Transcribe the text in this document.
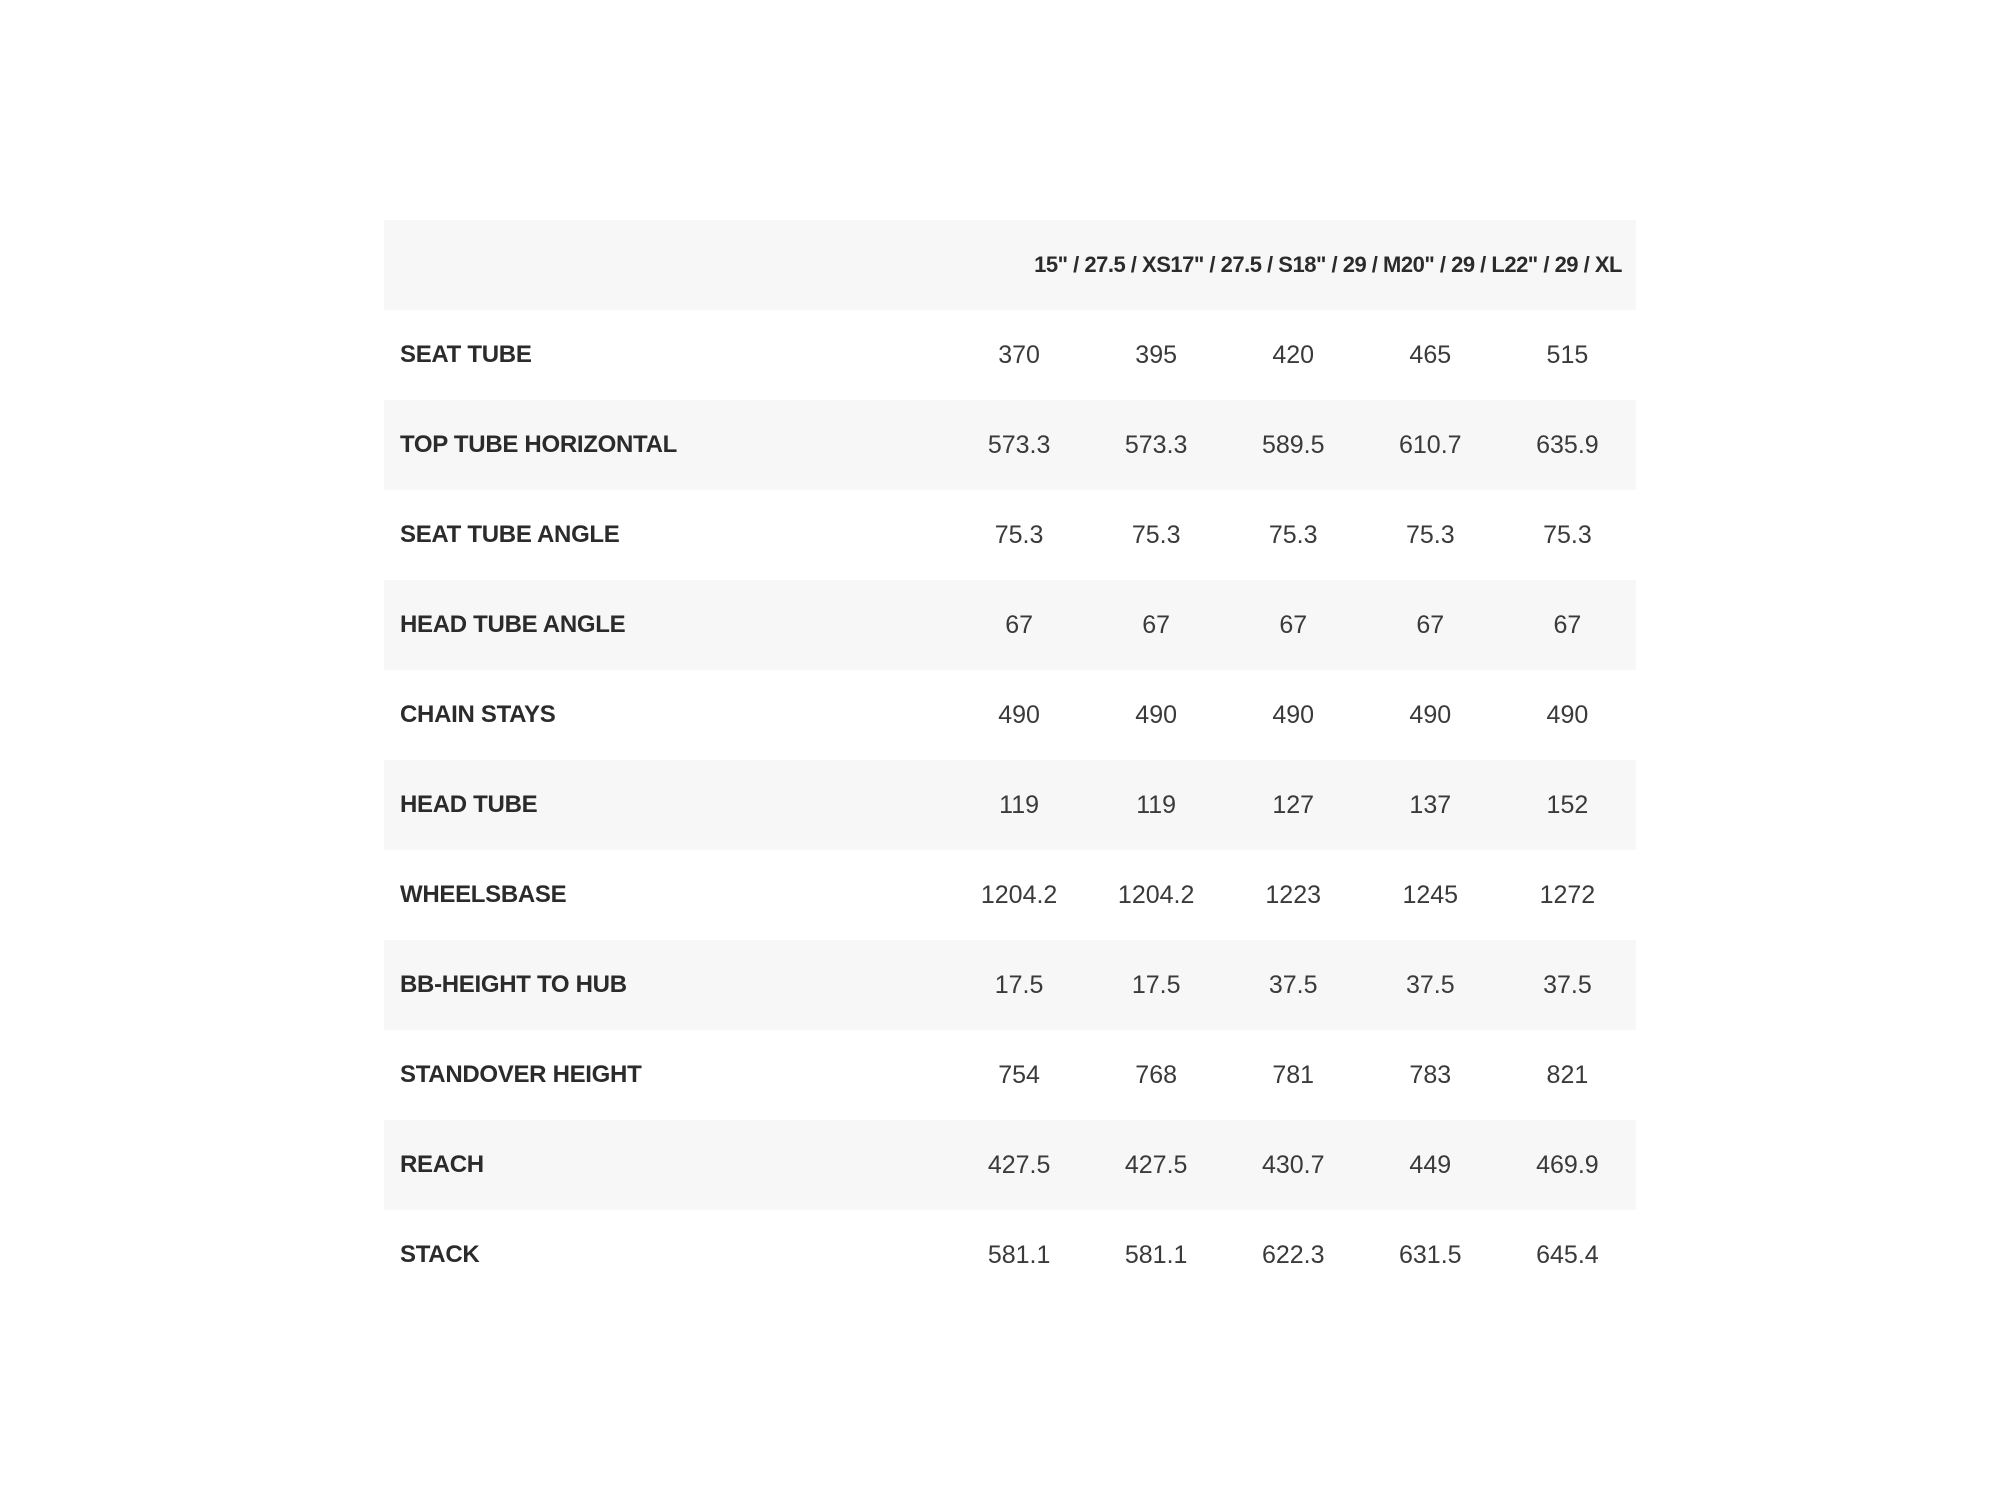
	15" / 27.5 / XS 17" / 27.5 / S 18" / 29 / M 20" / 29 / L 22" / 29 / XL				

SEAT TUBE	370	395	420	465	515
TOP TUBE HORIZONTAL	573.3	573.3	589.5	610.7	635.9
SEAT TUBE ANGLE	75.3	75.3	75.3	75.3	75.3
HEAD TUBE ANGLE	67	67	67	67	67
CHAIN STAYS	490	490	490	490	490
HEAD TUBE	119	119	127	137	152
WHEELSBASE	1204.2	1204.2	1223	1245	1272
BB-HEIGHT TO HUB	17.5	17.5	37.5	37.5	37.5
STANDOVER HEIGHT	754	768	781	783	821
REACH	427.5	427.5	430.7	449	469.9
STACK	581.1	581.1	622.3	631.5	645.4
